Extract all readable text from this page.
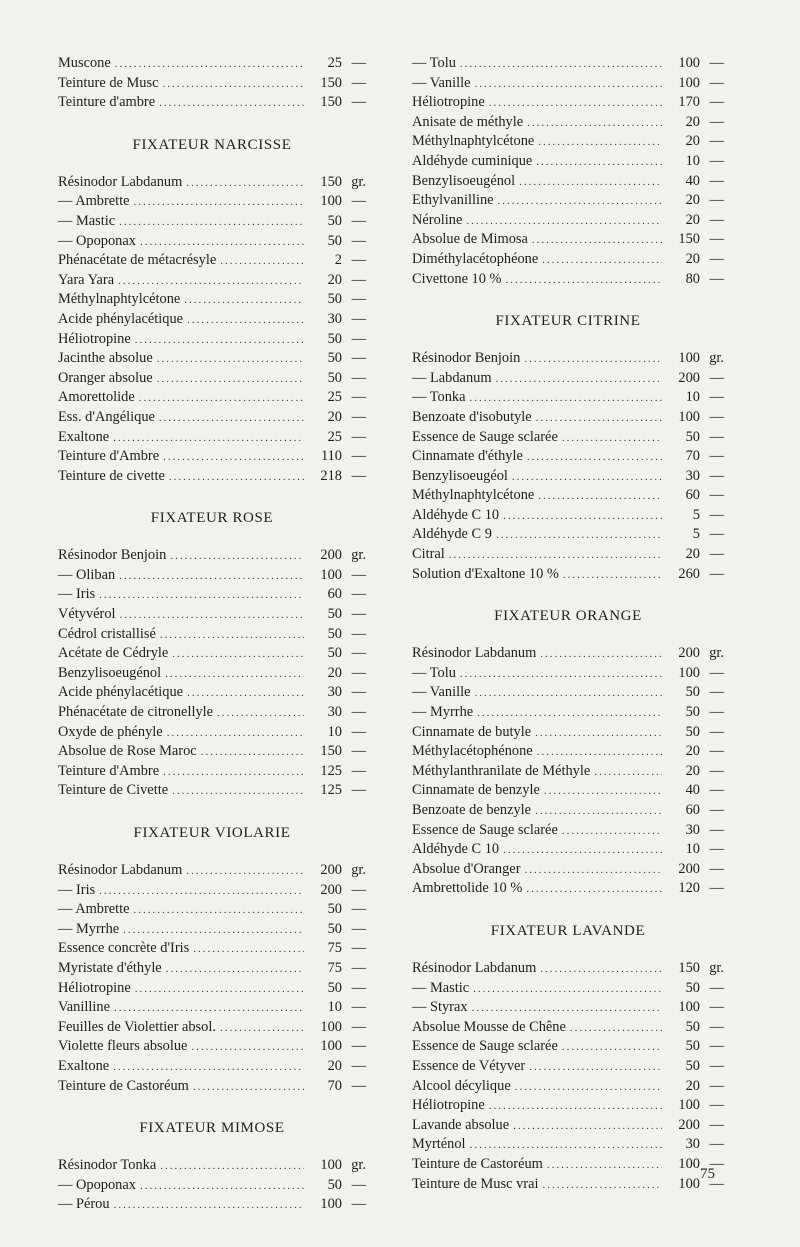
Muscone .....	25 —
Teinture de Musc .....	150 —
Teinture d'ambre .....	150 —
FIXATEUR NARCISSE
Résinodor Labdanum .....	150 gr.
— Ambrette .....	100 —
— Mastic .....	50 —
— Opoponax .....	50 —
Phénacétate de métacrésyle .....	2 —
Yara Yara .....	20 —
Méthylnaphtylcétone .....	50 —
Acide phénylacétique .....	30 —
Héliotropine .....	50 —
Jacinthe absolue .....	50 —
Oranger absolue .....	50 —
Amorettolide .....	25 —
Ess. d'Angélique .....	20 —
Exaltone .....	25 —
Teinture d'Ambre .....	110 —
Teinture de civette .....	218 —
FIXATEUR ROSE
Résinodor Benjoin .....	200 gr.
— Oliban .....	100 —
— Iris .....	60 —
Vétyvérol .....	50 —
Cédrol cristallisé .....	50 —
Acétate de Cédryle .....	50 —
Benzylisoeugénol .....	20 —
Acide phénylacétique .....	30 —
Phénacétate de citronellyle .....	30 —
Oxyde de phényle .....	10 —
Absolue de Rose Maroc .....	150 —
Teinture d'Ambre .....	125 —
Teinture de Civette .....	125 —
FIXATEUR VIOLARIE
Résinodor Labdanum .....	200 gr.
— Iris .....	200 —
— Ambrette .....	50 —
— Myrrhe .....	50 —
Essence concrète d'Iris .....	75 —
Myristate d'éthyle .....	75 —
Héliotropine .....	50 —
Vanilline .....	10 —
Feuilles de Violettier absol. .....	100 —
Violette fleurs absolue .....	100 —
Exaltone .....	20 —
Teinture de Castoréum .....	70 —
FIXATEUR MIMOSE
Résinodor Tonka .....	100 gr.
— Opoponax .....	50 —
— Pérou .....	100 —
— Tolu .....	100 —
— Vanille .....	100 —
Héliotropine .....	170 —
Anisate de méthyle .....	20 —
Méthylnaphtylcétone .....	20 —
Aldéhyde cuminique .....	10 —
Benzylisoeugénol .....	40 —
Ethylvanilline .....	20 —
Néroline .....	20 —
Absolue de Mimosa .....	150 —
Diméthylacétophéone .....	20 —
Civettone 10 % .....	80 —
FIXATEUR CITRINE
Résinodor Benjoin .....	100 gr.
— Labdanum .....	200 —
— Tonka .....	10 —
Benzoate d'isobutyle .....	100 —
Essence de Sauge sclarée .....	50 —
Cinnamate d'éthyle .....	70 —
Benzylisoeugéol .....	30 —
Méthylnaphtylcétone .....	60 —
Aldéhyde C 10 .....	5 —
Aldéhyde C 9 .....	5 —
Citral .....	20 —
Solution d'Exaltone 10 % .....	260 —
FIXATEUR ORANGE
Résinodor Labdanum .....	200 gr.
— Tolu .....	100 —
— Vanille .....	50 —
— Myrrhe .....	50 —
Cinnamate de butyle .....	50 —
Méthylacétophénone .....	20 —
Méthylanthranilate de Méthyle .....	20 —
Cinnamate de benzyle .....	40 —
Benzoate de benzyle .....	60 —
Essence de Sauge sclarée .....	30 —
Aldéhyde C 10 .....	10 —
Absolue d'Oranger .....	200 —
Ambrettolide 10 % .....	120 —
FIXATEUR LAVANDE
Résinodor Labdanum .....	150 gr.
— Mastic .....	50 —
— Styrax .....	100 —
Absolue Mousse de Chêne .....	50 —
Essence de Sauge sclarée .....	50 —
Essence de Vétyver .....	50 —
Alcool décylique .....	20 —
Héliotropine .....	100 —
Lavande absolue .....	200 —
Myrténol .....	30 —
Teinture de Castoréum .....	100 —
Teinture de Musc vrai .....	100 —
75
